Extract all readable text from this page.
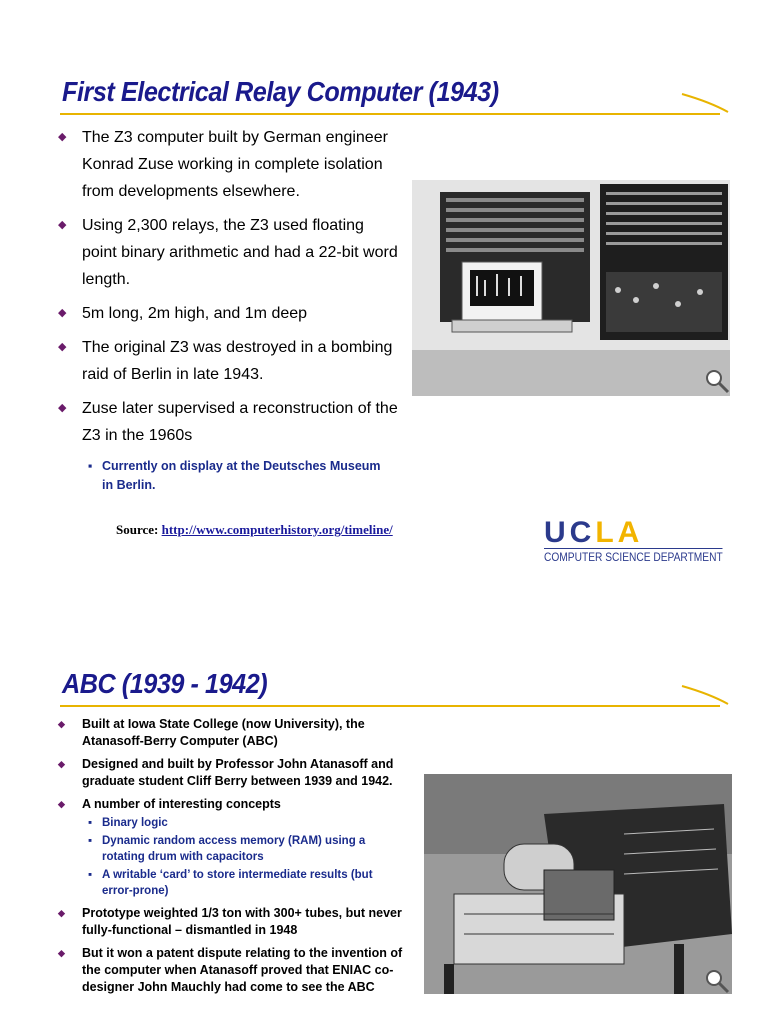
First Electrical Relay Computer (1943)
◆ The Z3 computer built by German engineer Konrad Zuse working in complete isolation from developments elsewhere.
◆ Using 2,300 relays, the Z3 used floating point binary arithmetic and had a 22-bit word length.
◆ 5m long, 2m high, and 1m deep
◆ The original Z3 was destroyed in a bombing raid of Berlin in late 1943.
◆ Zuse later supervised a reconstruction of the Z3 in the 1960s
▪ Currently on display at the Deutsches Museum in Berlin.
Source: http://www.computerhistory.org/timeline/	UCLA
COMPUTER SCIENCE DEPARTMENT
ABC (1939 - 1942)
◆ Built at Iowa State College (now University), the Atanasoff-Berry Computer (ABC)
◆ Designed and built by Professor John Atanasoff and graduate student Cliff Berry between 1939 and 1942.
◆ A number of interesting concepts
▪ Binary logic
▪ Dynamic random access memory (RAM) using a rotating drum with capacitors
▪ A writable ‘card’ to store intermediate results (but error-prone)
◆ Prototype weighted 1/3 ton with 300+ tubes, but never fully-functional – dismantled in 1948
◆ But it won a patent dispute relating to the invention of the computer when Atanasoff proved that ENIAC co-designer John Mauchly had come to see the ABC
